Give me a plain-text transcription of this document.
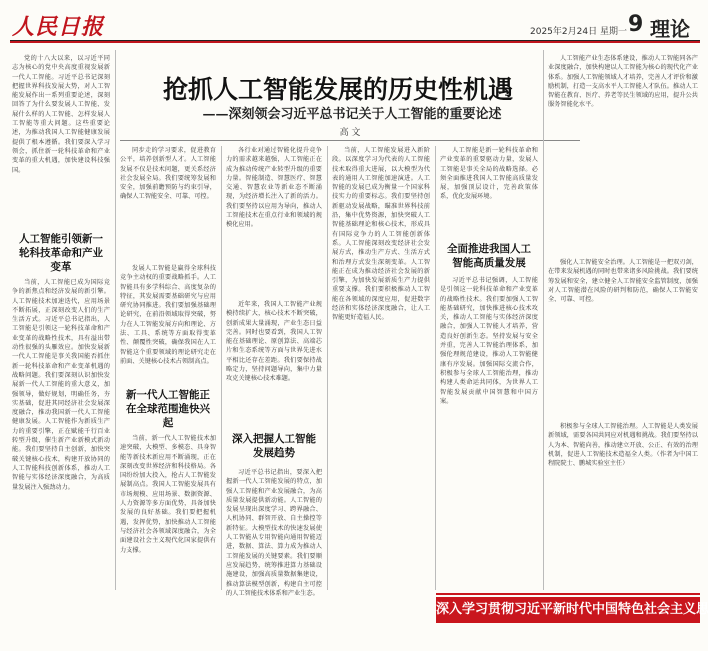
人民日报	2025年2月24日 星期一 9 理论

党的十八大以来，以习近平同志为核心的党中央高度重视发展新一代人工智能。习近平总书记深刻把握世界科技发展大势，对人工智能发展作出一系列重要论述，深刻回答了为什么要发展人工智能、发展什么样的人工智能、怎样发展人工智能等重大问题。这些重要论述，为推动我国人工智能健康发展提供了根本遵循。我们要深入学习领会，抓住新一轮科技革命和产业变革的重大机遇，加快建设科技强国。

人工智能引领新一轮科技革命和产业变革

当前，人工智能已成为国际竞争的新焦点和经济发展的新引擎。人工智能技术加速迭代，应用场景不断拓展，正深刻改变人们的生产生活方式。习近平总书记指出，人工智能是引领这一轮科技革命和产业变革的战略性技术，具有溢出带动性很强的头雁效应。加快发展新一代人工智能是事关我国能否抓住新一轮科技革命和产业变革机遇的战略问题。我们要深刻认识加快发展新一代人工智能的重大意义，加强领导，做好规划，明确任务，夯实基础，促进其同经济社会发展深度融合，推动我国新一代人工智能健康发展。人工智能作为新质生产力的重要引擎，正在赋能千行百业转型升级，催生新产业新模式新动能。我们要坚持自主创新，加快突破关键核心技术，构建开放协同的人工智能科技创新体系，推动人工智能与实体经济深度融合，为高质量发展注入强劲动力。

抢抓人工智能发展的历史性机遇
——深刻领会习近平总书记关于人工智能的重要论述
高 文

同步走的学习要求，促进教育公平，培养创新型人才。人工智能发展不仅是技术问题，更关系经济社会发展全局。我们要统筹发展和安全，加强前瞻预防与约束引导，确保人工智能安全、可靠、可控。

发展人工智能是赢得全球科技竞争主动权的重要战略抓手。人工智能具有多学科综合、高度复杂的特征，其发展需要基础研究与应用研究协同推进。我们要加强基础理论研究，在前沿领域取得突破，努力在人工智能发展方向和理论、方法、工具、系统等方面取得变革性、颠覆性突破，确保我国在人工智能这个重要领域的理论研究走在前面、关键核心技术占领制高点。

新一代人工智能正在全球范围進快兴起

当前，新一代人工智能技术加速突破，大模型、多模态、具身智能等新技术新应用不断涌现，正在深刻改变世界经济和科技格局。各国纷纷加大投入，抢占人工智能发展制高点。我国人工智能发展具有市场规模、应用场景、数据资源、人力资源等多方面优势，具备加快发展的良好基础。我们要把握机遇，发挥优势，加快推动人工智能与经济社会各领域深度融合，为全面建设社会主义现代化国家提供有力支撑。

各行业对通过智能化提升竞争力的需求越来越强，人工智能正在成为推动传统产业转型升级的重要力量。智能制造、智慧医疗、智慧交通、智慧农业等新业态不断涌现，为经济增长注入了新的活力。我们要坚持以应用为导向，推动人工智能技术在重点行业和领域的规模化应用。

近年来，我国人工智能产业规模持续扩大，核心技术不断突破，创新成果大量涌现，产业生态日益完善。同时也要看到，我国人工智能在基础理论、原创算法、高端芯片和生态系统等方面与世界先进水平相比还存在差距。我们要保持战略定力，坚持问题导向，集中力量攻克关键核心技术难题。

深入把握人工智能发展趋势

习近平总书记指出，要深入把握新一代人工智能发展的特点，加强人工智能和产业发展融合，为高质量发展提供新动能。人工智能的发展呈现出深度学习、跨界融合、人机协同、群智开放、自主操控等新特征。大模型技术的快速发展使人工智能从专用智能向通用智能迈进，数据、算法、算力成为推动人工智能发展的关键要素。我们要顺应发展趋势，统筹推进算力基础设施建设，加强高质量数据集建设，推动算法模型创新，构建自主可控的人工智能技术体系和产业生态。

当前，人工智能发展进入新阶段。以深度学习为代表的人工智能技术取得重大进展，以大模型为代表的通用人工智能加速演进。人工智能的发展已成为衡量一个国家科技实力的重要标志。我们要坚持创新驱动发展战略，瞄准世界科技前沿，集中优势资源，加快突破人工智能基础理论和核心技术，形成具有国际竞争力的人工智能创新体系。人工智能深刻改变经济社会发展方式，推动生产方式、生活方式和治理方式发生深刻变革。人工智能正在成为推动经济社会发展的新引擎，为加快发展新质生产力提供重要支撑。我们要积极推动人工智能在各领域的深度应用，促进数字经济和实体经济深度融合，让人工智能更好造福人民。

人工智能是新一轮科技革命和产业变革的重要驱动力量，发展人工智能是事关全局的战略选择。必须全面推进我国人工智能高质量发展，加强顶层设计，完善政策体系，优化发展环境。

全面推进我国人工智能高质量发展

习近平总书记强调，人工智能是引领这一轮科技革命和产业变革的战略性技术。我们要加强人工智能基础研究，加快推进核心技术攻关，推动人工智能与实体经济深度融合，加强人工智能人才培养，营造良好创新生态。坚持发展与安全并重，完善人工智能治理体系，加强伦理规范建设，推动人工智能健康有序发展。加强国际交流合作，积极参与全球人工智能治理，推动构建人类命运共同体，为世界人工智能发展贡献中国智慧和中国方案。

人工智能产业生态体系建设，推动人工智能同各产业深度融合，加快构建以人工智能为核心的现代化产业体系。加强人工智能领域人才培养，完善人才评价和激励机制，打造一支高水平人工智能人才队伍。推动人工智能在教育、医疗、养老等民生领域的应用，提升公共服务智能化水平。

强化人工智能安全治理。人工智能是一把双刃剑，在带来发展机遇的同时也带来诸多风险挑战。我们要统筹发展和安全，建立健全人工智能安全监管制度，加强对人工智能潜在风险的研判和防范，确保人工智能安全、可靠、可控。

积极参与全球人工智能治理。人工智能是人类发展新领域，需要各国共同应对机遇和挑战。我们要坚持以人为本、智能向善，推动建立开放、公正、有效的治理机制，促进人工智能技术造福全人类。（作者为中国工程院院士、鹏城实验室主任）

深入学习贯彻习近平新时代中国特色社会主义思想
